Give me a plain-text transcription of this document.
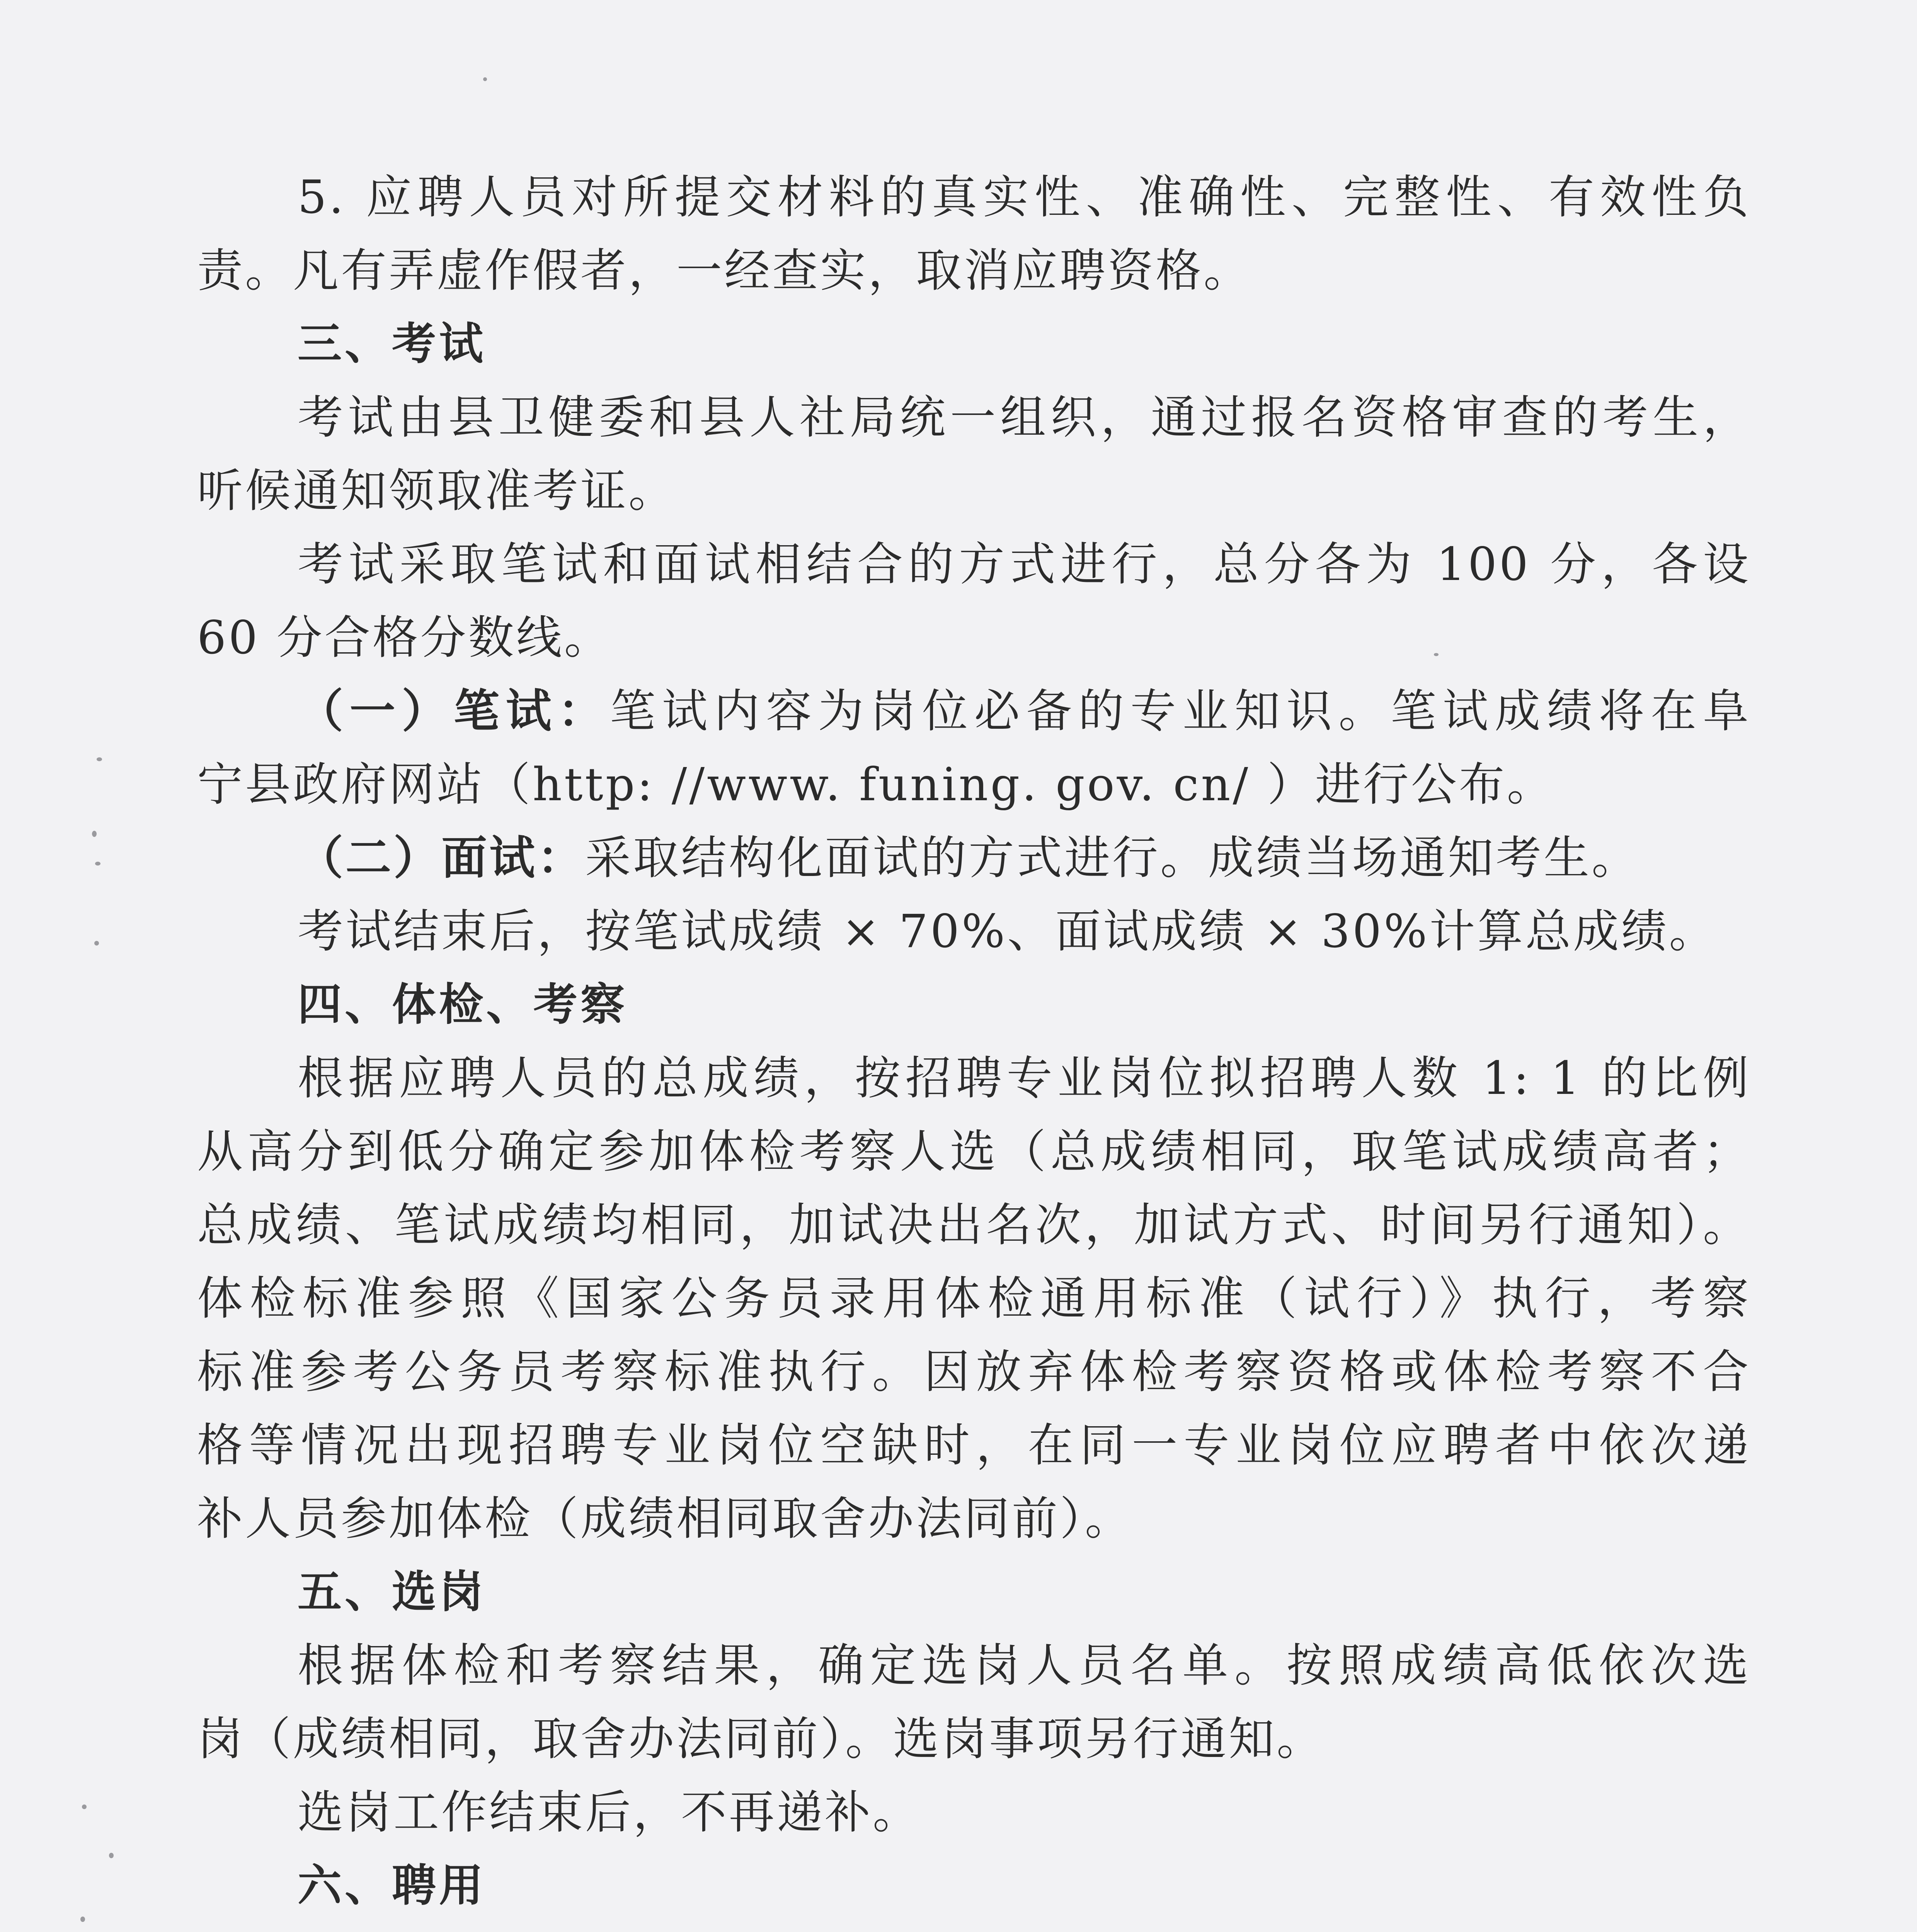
5. 应聘人员对所提交材料的真实性、准确性、完整性、有效性负
责。凡有弄虚作假者，一经查实，取消应聘资格。
三、考试
考试由县卫健委和县人社局统一组织，通过报名资格审查的考生，
听候通知领取准考证。
考试采取笔试和面试相结合的方式进行，总分各为 100 分，各设
60 分合格分数线。
（一）笔试：笔试内容为岗位必备的专业知识。笔试成绩将在阜
宁县政府网站（http: //www. funing. gov. cn/ ）进行公布。
（二）面试：采取结构化面试的方式进行。成绩当场通知考生。
考试结束后，按笔试成绩 × 70%、面试成绩 × 30%计算总成绩。
四、体检、考察
根据应聘人员的总成绩，按招聘专业岗位拟招聘人数 1: 1 的比例
从高分到低分确定参加体检考察人选（总成绩相同，取笔试成绩高者；
总成绩、笔试成绩均相同，加试决出名次，加试方式、时间另行通知）。
体检标准参照《国家公务员录用体检通用标准（试行）》执行，考察
标准参考公务员考察标准执行。因放弃体检考察资格或体检考察不合
格等情况出现招聘专业岗位空缺时，在同一专业岗位应聘者中依次递
补人员参加体检（成绩相同取舍办法同前）。
五、选岗
根据体检和考察结果，确定选岗人员名单。按照成绩高低依次选
岗（成绩相同，取舍办法同前）。选岗事项另行通知。
选岗工作结束后，不再递补。
六、聘用
